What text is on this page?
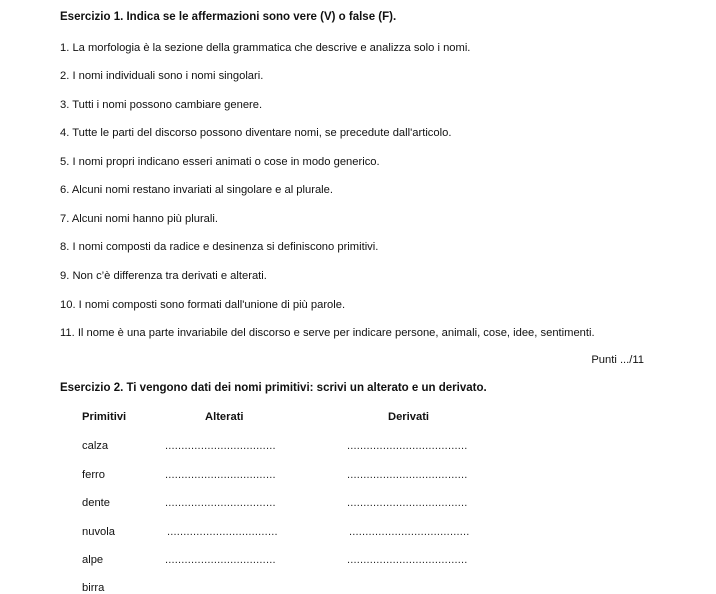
Esercizio 1. Indica se le affermazioni sono vere (V) o false (F).
1. La morfologia è la sezione della grammatica che descrive e analizza solo i nomi.
2. I nomi individuali sono i nomi singolari.
3. Tutti i nomi possono cambiare genere.
4. Tutte le parti del discorso possono diventare nomi, se precedute dall'articolo.
5. I nomi propri indicano esseri animati o cose in modo generico.
6. Alcuni nomi restano invariati al singolare e al plurale.
7. Alcuni nomi hanno più plurali.
8. I nomi composti da radice e desinenza si definiscono primitivi.
9. Non c’è differenza tra derivati e alterati.
10. I nomi composti sono formati dall'unione di più parole.
11. Il nome è una parte invariabile del discorso e serve per indicare persone, animali, cose, idee, sentimenti.
Punti .../11
Esercizio 2. Ti vengono dati dei nomi primitivi: scrivi un alterato e un derivato.
Primitivi	Alterati	Derivati
calza	..................................	.....................................
ferro	..................................	.....................................
dente	..................................	.....................................
nuvola	..................................	.....................................
alpe	..................................	.....................................
birra
